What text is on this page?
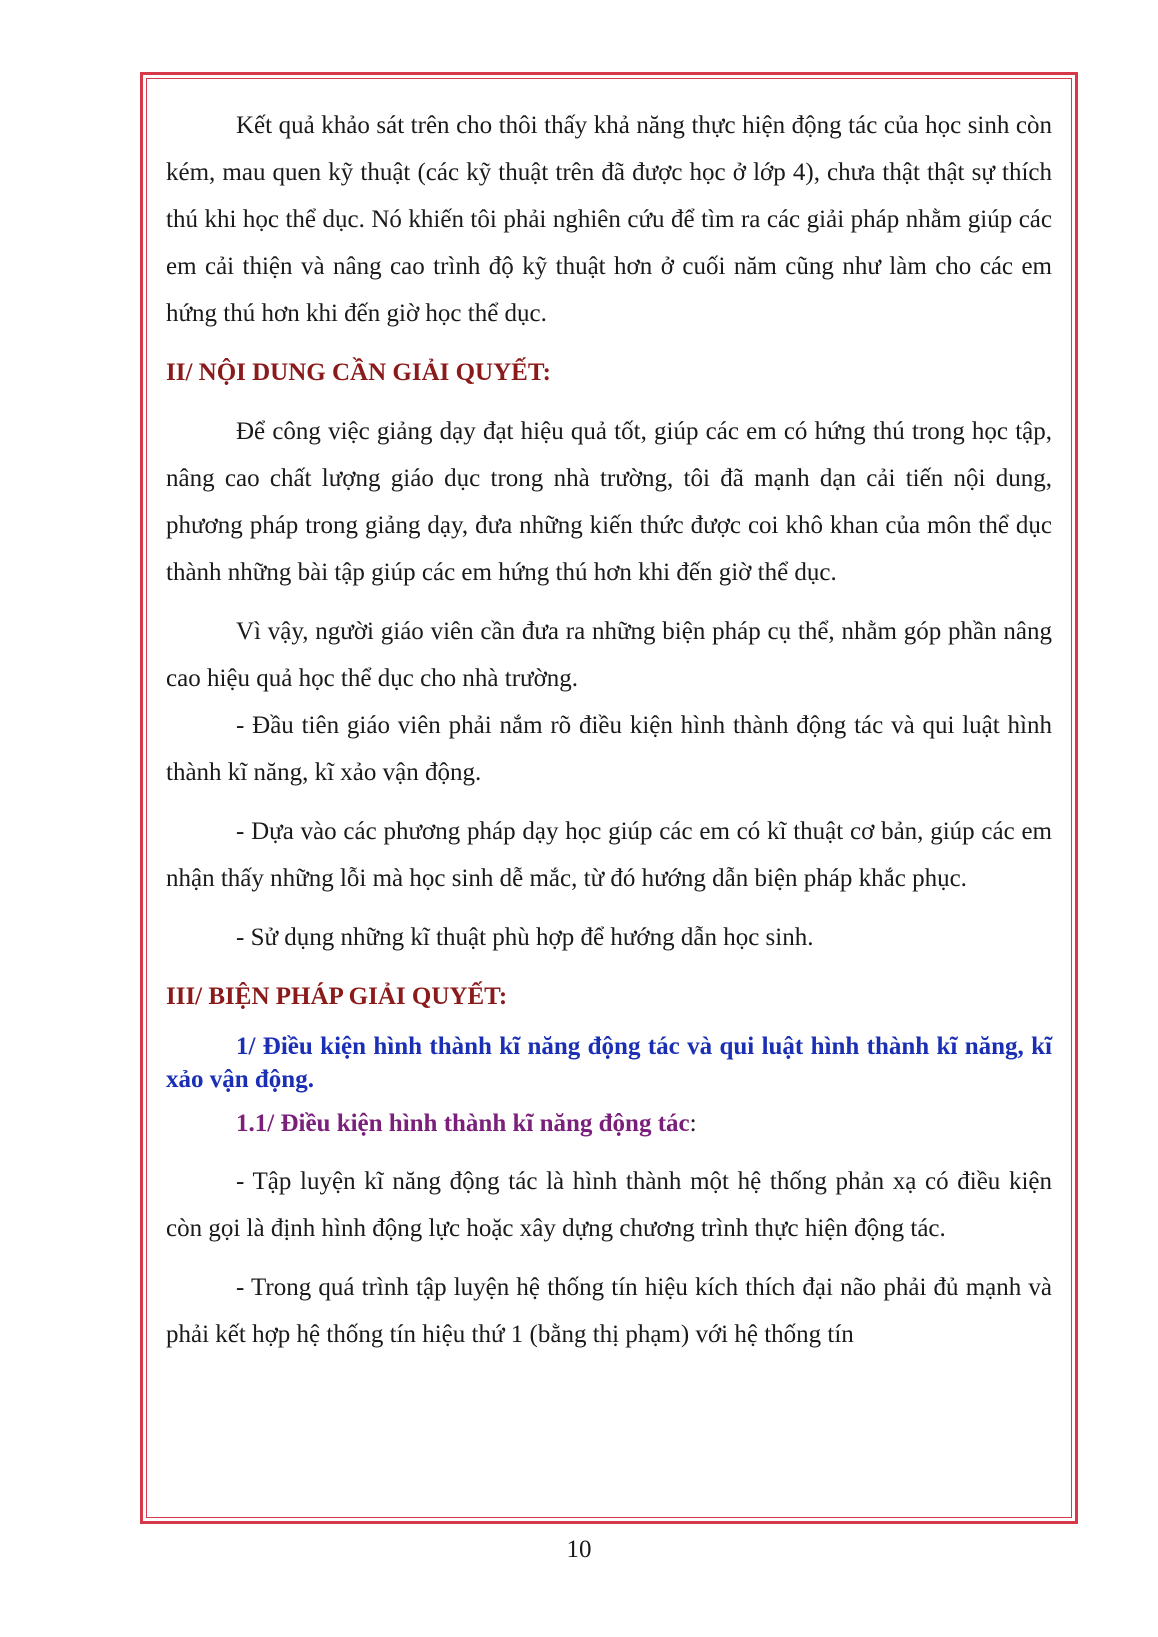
Kết quả khảo sát trên cho thôi thấy khả năng thực hiện động tác của học sinh còn kém, mau quen kỹ thuật (các kỹ thuật trên đã được học ở lớp 4), chưa thật thật sự thích thú khi học thể dục. Nó khiến tôi phải nghiên cứu để tìm ra các giải pháp nhằm giúp các em cải thiện và nâng cao trình độ kỹ thuật hơn ở cuối năm cũng như làm cho các em hứng thú hơn khi đến giờ học thể dục.

II/ NỘI DUNG CẦN GIẢI QUYẾT:

Để công việc giảng dạy đạt hiệu quả tốt, giúp các em có hứng thú trong học tập, nâng cao chất lượng giáo dục trong nhà trường, tôi đã mạnh dạn cải tiến nội dung, phương pháp trong giảng dạy, đưa những kiến thức được coi khô khan của môn thể dục thành những bài tập giúp các em hứng thú hơn khi đến giờ thể dục.

Vì vậy, người giáo viên cần đưa ra những biện pháp cụ thể, nhằm góp phần nâng cao hiệu quả học thể dục cho nhà trường.

- Đầu tiên giáo viên phải nắm rõ điều kiện hình thành động tác và qui luật hình thành kĩ năng, kĩ xảo vận động.

- Dựa vào các phương pháp dạy học giúp các em có kĩ thuật cơ bản, giúp các em nhận thấy những lỗi mà học sinh dễ mắc, từ đó hướng dẫn biện pháp khắc phục.

- Sử dụng những kĩ thuật phù hợp để hướng dẫn học sinh.

III/ BIỆN PHÁP GIẢI QUYẾT:
1/ Điều kiện hình thành kĩ năng động tác và qui luật hình thành kĩ năng, kĩ xảo vận động.
1.1/ Điều kiện hình thành kĩ năng động tác:

- Tập luyện kĩ năng động tác là hình thành một hệ thống phản xạ có điều kiện còn gọi là định hình động lực hoặc xây dựng chương trình thực hiện động tác.

- Trong quá trình tập luyện hệ thống tín hiệu kích thích đại não phải đủ mạnh và phải kết hợp hệ thống tín hiệu thứ 1 (bằng thị phạm) với hệ thống tín

10
